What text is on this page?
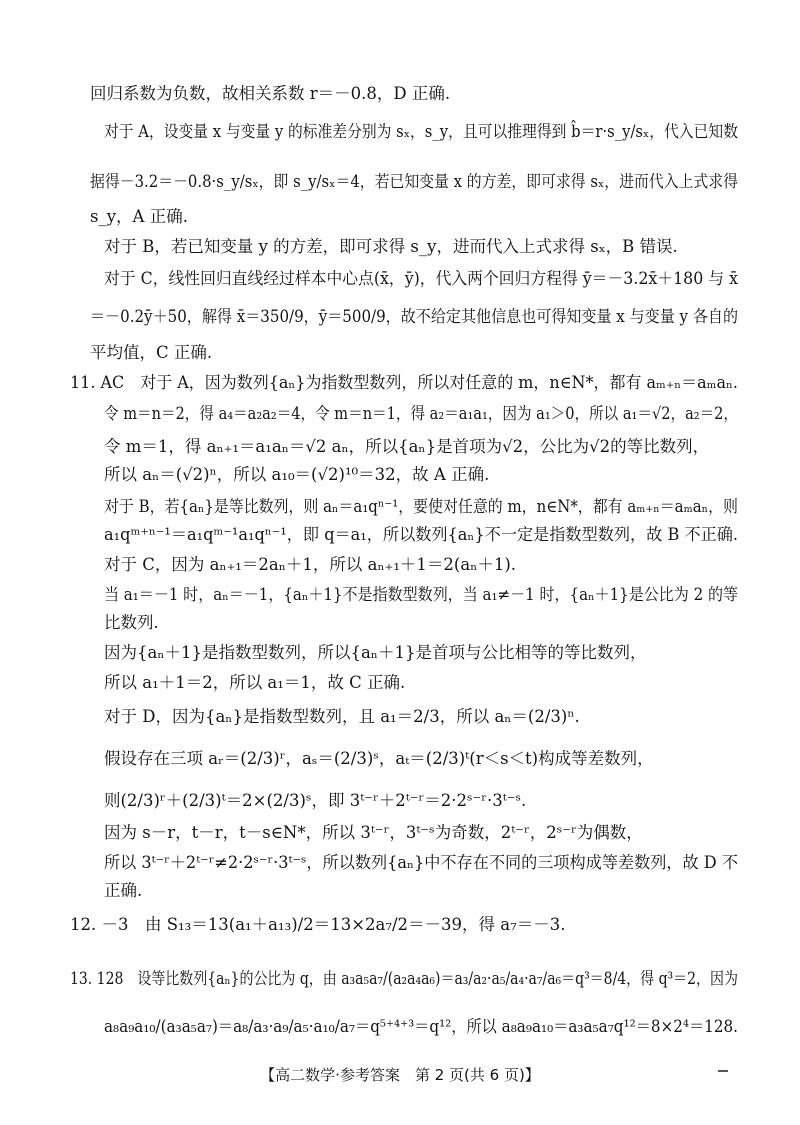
回归系数为负数，故相关系数 r＝－0.8，D 正确.
对于 A，设变量 x 与变量 y 的标准差分别为 sₓ，s_y，且可以推理得到 b̂＝r·s_y/sₓ，代入已知数
据得－3.2＝－0.8·s_y/sₓ，即 s_y/sₓ＝4，若已知变量 x 的方差，即可求得 sₓ，进而代入上式求得
s_y，A 正确.
对于 B，若已知变量 y 的方差，即可求得 s_y，进而代入上式求得 sₓ，B 错误.
对于 C，线性回归直线经过样本中心点(x̄，ȳ)，代入两个回归方程得 ȳ＝－3.2x̄＋180 与 x̄
＝－0.2ȳ＋50，解得 x̄＝350/9，ȳ＝500/9，故不给定其他信息也可得知变量 x 与变量 y 各自的
平均值，C 正确.
11. AC　对于 A，因为数列{aₙ}为指数型数列，所以对任意的 m，n∈N*，都有 aₘ₊ₙ＝aₘaₙ.
令 m＝n＝2，得 a₄＝a₂a₂＝4，令 m＝n＝1，得 a₂＝a₁a₁，因为 a₁＞0，所以 a₁＝√2，a₂＝2，
令 m＝1，得 aₙ₊₁＝a₁aₙ＝√2 aₙ，所以{aₙ}是首项为√2，公比为√2的等比数列，
所以 aₙ＝(√2)ⁿ，所以 a₁₀＝(√2)¹⁰＝32，故 A 正确.
对于 B，若{aₙ}是等比数列，则 aₙ＝a₁qⁿ⁻¹，要使对任意的 m，n∈N*，都有 aₘ₊ₙ＝aₘaₙ，则
a₁qᵐ⁺ⁿ⁻¹＝a₁qᵐ⁻¹a₁qⁿ⁻¹，即 q＝a₁，所以数列{aₙ}不一定是指数型数列，故 B 不正确.
对于 C，因为 aₙ₊₁＝2aₙ＋1，所以 aₙ₊₁＋1＝2(aₙ＋1).
当 a₁＝－1 时，aₙ＝－1，{aₙ＋1}不是指数型数列，当 a₁≠－1 时，{aₙ＋1}是公比为 2 的等
比数列.
因为{aₙ＋1}是指数型数列，所以{aₙ＋1}是首项与公比相等的等比数列，
所以 a₁＋1＝2，所以 a₁＝1，故 C 正确.
对于 D，因为{aₙ}是指数型数列，且 a₁＝2/3，所以 aₙ＝(2/3)ⁿ.
假设存在三项 aᵣ＝(2/3)ʳ，aₛ＝(2/3)ˢ，aₜ＝(2/3)ᵗ(r＜s＜t)构成等差数列，
则(2/3)ʳ＋(2/3)ᵗ＝2×(2/3)ˢ，即 3ᵗ⁻ʳ＋2ᵗ⁻ʳ＝2·2ˢ⁻ʳ·3ᵗ⁻ˢ.
因为 s－r，t－r，t－s∈N*，所以 3ᵗ⁻ʳ，3ᵗ⁻ˢ为奇数，2ᵗ⁻ʳ，2ˢ⁻ʳ为偶数，
所以 3ᵗ⁻ʳ＋2ᵗ⁻ʳ≠2·2ˢ⁻ʳ·3ᵗ⁻ˢ，所以数列{aₙ}中不存在不同的三项构成等差数列，故 D 不
正确.
12. －3　由 S₁₃＝13(a₁＋a₁₃)/2＝13×2a₇/2＝－39，得 a₇＝－3.
13. 128　设等比数列{aₙ}的公比为 q，由 a₃a₅a₇/(a₂a₄a₆)＝a₃/a₂·a₅/a₄·a₇/a₆＝q³＝8/4，得 q³＝2，因为
a₈a₉a₁₀/(a₃a₅a₇)＝a₈/a₃·a₉/a₅·a₁₀/a₇＝q⁵⁺⁴⁺³＝q¹²，所以 a₈a₉a₁₀＝a₃a₅a₇q¹²＝8×2⁴＝128.
【高二数学·参考答案　第 2 页(共 6 页)】
